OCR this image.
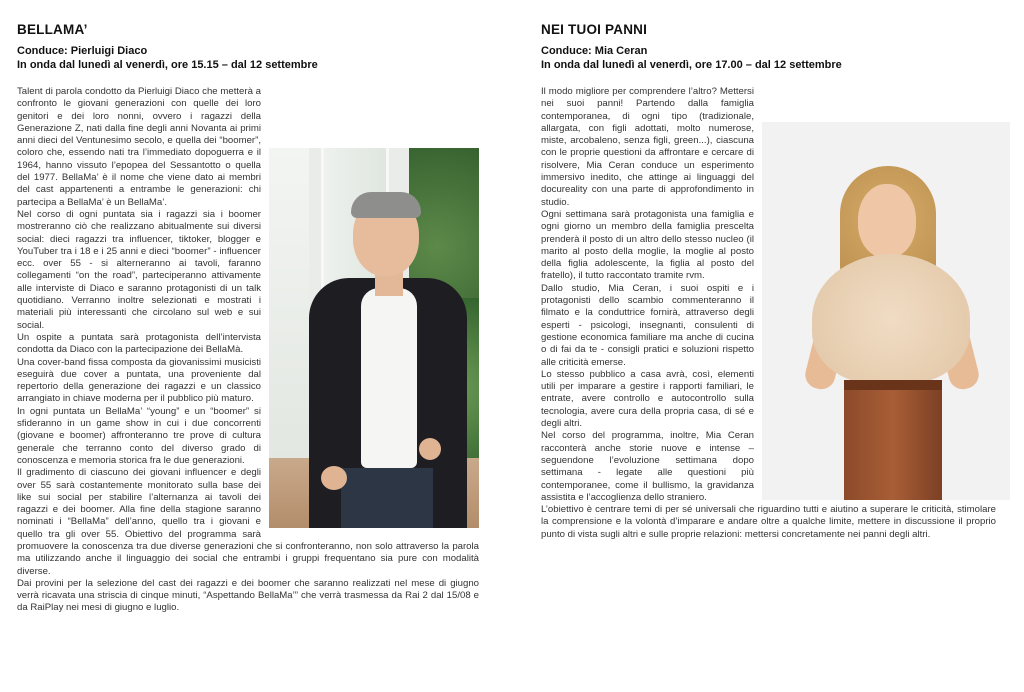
BELLAMA’
Conduce: Pierluigi Diaco
In onda dal lunedì al venerdì, ore 15.15 – dal 12 settembre

Talent di parola condotto da Pierluigi Diaco che metterà a confronto le giovani generazioni con quelle dei loro genitori e dei loro nonni, ovvero i ragazzi della Generazione Z, nati dalla fine degli anni Novanta ai primi anni dieci del Ventunesimo secolo, e quella dei “boomer”, coloro che, essendo nati tra l’immediato dopoguerra e il 1964, hanno vissuto l’epopea del Sessantotto o quella del 1977. BellaMa’ è il nome che viene dato ai membri del cast appartenenti a entrambe le generazioni: chi partecipa a BellaMa’ è un BellaMa’.

Nel corso di ogni puntata sia i ragazzi sia i boomer mostreranno ciò che realizzano abitualmente sui diversi social: dieci ragazzi tra influencer, tiktoker, blogger e YouTuber tra i 18 e i 25 anni e dieci “boomer” - influencer ecc. over 55 - si alterneranno ai tavoli, faranno collegamenti “on the road”, parteciperanno attivamente alle interviste di Diaco e saranno protagonisti di un talk quotidiano. Verranno inoltre selezionati e mostrati i materiali più interessanti che circolano sul web e sui social.

Un ospite a puntata sarà protagonista dell’intervista condotta da Diaco con la partecipazione dei BellaMà.

Una cover-band fissa composta da giovanissimi musicisti eseguirà due cover a puntata, una proveniente dal repertorio della generazione dei ragazzi e un classico arrangiato in chiave moderna per il pubblico più maturo.

In ogni puntata un BellaMa’ “young” e un “boomer” si sfideranno in un game show in cui i due concorrenti (giovane e boomer) affronteranno tre prove di cultura generale che terranno conto del diverso grado di conoscenza e memoria storica fra le due generazioni.

Il gradimento di ciascuno dei giovani influencer e degli over 55 sarà costantemente monitorato sulla base dei like sui social per stabilire l’alternanza ai tavoli dei ragazzi e dei boomer. Alla fine della stagione saranno nominati i “BellaMa” dell’anno, quello tra i giovani e quello tra gli over 55. Obiettivo del programma sarà promuovere la conoscenza tra due diverse generazioni che si confronteranno, non solo attraverso la parola ma utilizzando anche il linguaggio dei social che entrambi i gruppi frequentano sia pure con modalità diverse.

Dai provini per la selezione del cast dei ragazzi e dei boomer che saranno realizzati nel mese di giugno verrà ricavata una striscia di cinque minuti, “Aspettando BellaMa’” che verrà trasmessa da Rai 2 dal 15/08 e da RaiPlay nei mesi di giugno e luglio.

NEI TUOI PANNI
Conduce: Mia Ceran
In onda dal lunedì al venerdì, ore 17.00 – dal 12 settembre

Il modo migliore per comprendere l’altro? Mettersi nei suoi panni! Partendo dalla famiglia contemporanea, di ogni tipo (tradizionale, allargata, con figli adottati, molto numerose, miste, arcobaleno, senza figli, green...), ciascuna con le proprie questioni da affrontare e cercare di risolvere, Mia Ceran conduce un esperimento immersivo inedito, che attinge ai linguaggi del docureality con una parte di approfondimento in studio.

Ogni settimana sarà protagonista una famiglia e ogni giorno un membro della famiglia prescelta prenderà il posto di un altro dello stesso nucleo (il marito al posto della moglie, la moglie al posto della figlia adolescente, la figlia al posto del fratello), il tutto raccontato tramite rvm.

Dallo studio, Mia Ceran, i suoi ospiti e i protagonisti dello scambio commenteranno il filmato e la conduttrice fornirà, attraverso degli esperti - psicologi, insegnanti, consulenti di gestione economica familiare ma anche di cucina o di fai da te - consigli pratici e soluzioni rispetto alle criticità emerse.

Lo stesso pubblico a casa avrà, così, elementi utili per imparare a gestire i rapporti familiari, le entrate, avere controllo e autocontrollo sulla tecnologia, avere cura della propria casa, di sé e degli altri.

Nel corso del programma, inoltre, Mia Ceran racconterà anche storie nuove e intense – seguendone l’evoluzione settimana dopo settimana - legate alle questioni più contemporanee, come il bullismo, la gravidanza assistita e l’accoglienza dello straniero.

L’obiettivo è centrare temi di per sé universali che riguardino tutti e aiutino a superare le criticità, stimolare la comprensione e la volontà d’imparare e andare oltre a qualche limite, mettere in discussione il proprio punto di vista sugli altri e sulle proprie relazioni: mettersi concretamente nei panni degli altri.
